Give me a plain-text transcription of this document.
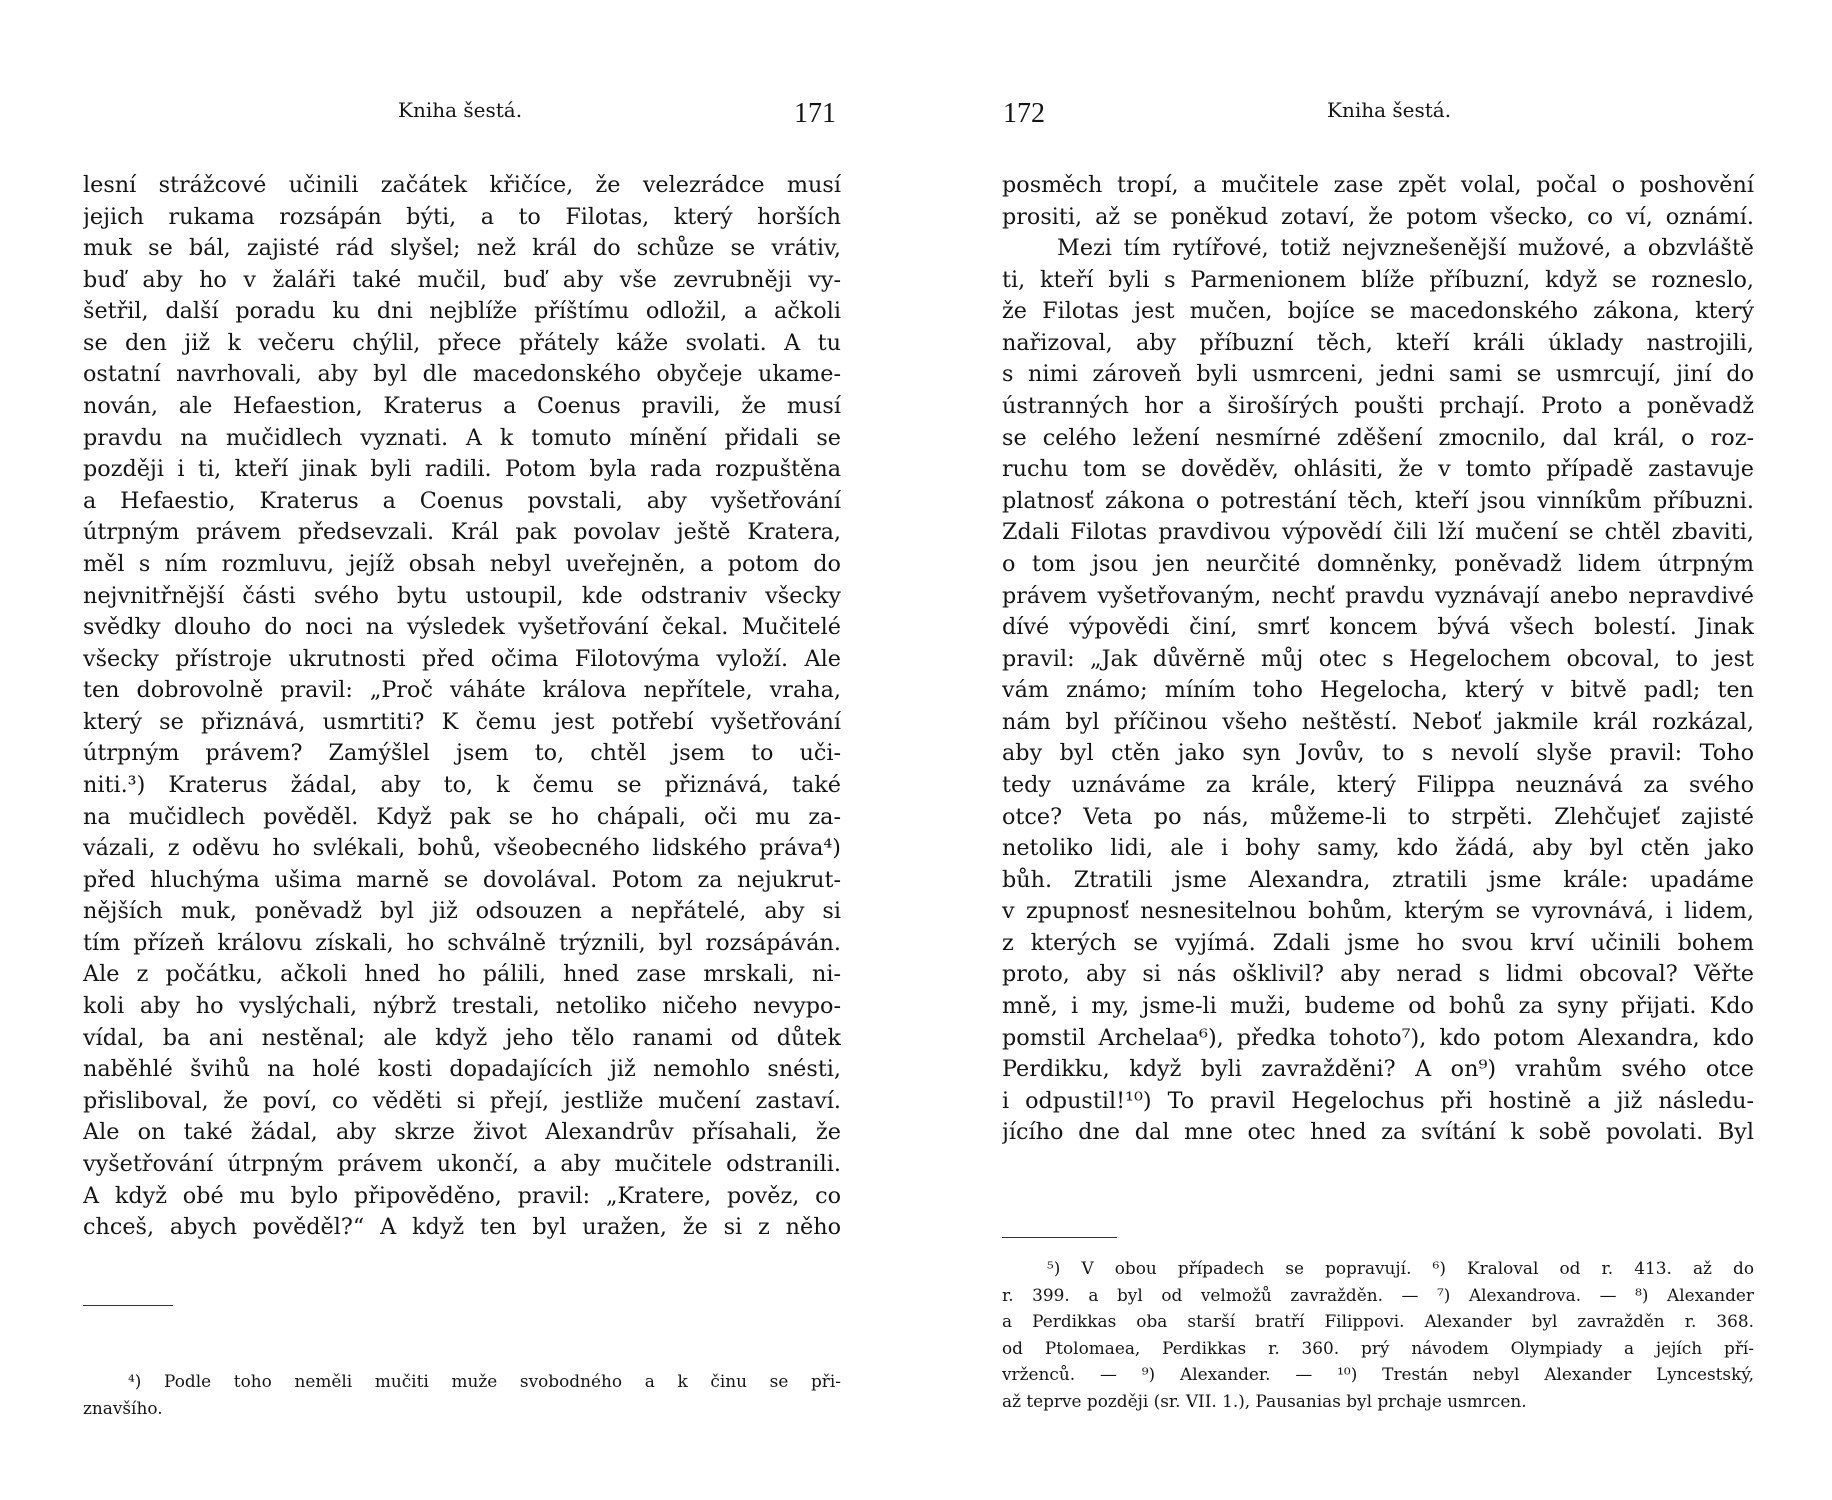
Kniha šestá.	171
lesní strážcové učinili začátek křičíce, že velezrádce musí
jejich rukama rozsápán býti, a to Filotas, který horších
muk se bál, zajisté rád slyšel; než král do schůze se vrátiv,
buď aby ho v žaláři také mučil, buď aby vše zevrubněji vy-
šetřil, další poradu ku dni nejblíže příštímu odložil, a ačkoli
se den již k večeru chýlil, přece přátely káže svolati. A tu
ostatní navrhovali, aby byl dle macedonského obyčeje ukame-
nován, ale Hefaestion, Kraterus a Coenus pravili, že musí
pravdu na mučidlech vyznati. A k tomuto mínění přidali se
později i ti, kteří jinak byli radili. Potom byla rada rozpuštěna
a Hefaestio, Kraterus a Coenus povstali, aby vyšetřování
útrpným právem předsevzali. Král pak povolav ještě Kratera,
měl s ním rozmluvu, jejíž obsah nebyl uveřejněn, a potom do
nejvnitřnější části svého bytu ustoupil, kde odstraniv všecky
svědky dlouho do noci na výsledek vyšetřování čekal. Mučitelé
všecky přístroje ukrutnosti před očima Filotovýma vyloží. Ale
ten dobrovolně pravil: „Proč váháte králova nepřítele, vraha,
který se přiznává, usmrtiti? K čemu jest potřebí vyšetřování
útrpným právem? Zamýšlel jsem to, chtěl jsem to uči-
niti.³) Kraterus žádal, aby to, k čemu se přiznává, také
na mučidlech pověděl. Když pak se ho chápali, oči mu za-
vázali, z oděvu ho svlékali, bohů, všeobecného lidského práva⁴)
před hluchýma ušima marně se dovolával. Potom za nejukrut-
nějších muk, poněvadž byl již odsouzen a nepřátelé, aby si
tím přízeň královu získali, ho schválně trýznili, byl rozsápáván.
Ale z počátku, ačkoli hned ho pálili, hned zase mrskali, ni-
koli aby ho vyslýchali, nýbrž trestali, netoliko ničeho nevypo-
vídal, ba ani nestěnal; ale když jeho tělo ranami od důtek
naběhlé švihů na holé kosti dopadajících již nemohlo snésti,
přisliboval, že poví, co věděti si přejí, jestliže mučení zastaví.
Ale on také žádal, aby skrze život Alexandrův přísahali, že
vyšetřování útrpným právem ukončí, a aby mučitele odstranili.
A když obé mu bylo připověděno, pravil: „Kratere, pověz, co
chceš, abych pověděl?“ A když ten byl uražen, že si z něho
⁴) Podle toho neměli mučiti muže svobodného a k činu se při-
znavšího.
172	Kniha šestá.
posměch tropí, a mučitele zase zpět volal, počal o poshovění
prositi, až se poněkud zotaví, že potom všecko, co ví, oznámí.
Mezi tím rytířové, totiž nejvznešenější mužové, a obzvláště
ti, kteří byli s Parmenionem blíže příbuzní, když se rozneslo,
že Filotas jest mučen, bojíce se macedonského zákona, který
nařizoval, aby příbuzní těch, kteří králi úklady nastrojili,
s nimi zároveň byli usmrceni, jedni sami se usmrcují, jiní do
ústranných hor a širošírých poušti prchají. Proto a poněvadž
se celého ležení nesmírné zděšení zmocnilo, dal král, o roz-
ruchu tom se dověděv, ohlásiti, že v tomto případě zastavuje
platnosť zákona o potrestání těch, kteří jsou vinníkům příbuzni.
Zdali Filotas pravdivou výpovědí čili lží mučení se chtěl zbaviti,
o tom jsou jen neurčité domněnky, poněvadž lidem útrpným
právem vyšetřovaným, nechť pravdu vyznávají anebo nepravdivé
dívé výpovědi činí, smrť koncem bývá všech bolestí. Jinak
pravil: „Jak důvěrně můj otec s Hegelochem obcoval, to jest
vám známo; míním toho Hegelocha, který v bitvě padl; ten
nám byl příčinou všeho neštěstí. Neboť jakmile král rozkázal,
aby byl ctěn jako syn Jovův, to s nevolí slyše pravil: Toho
tedy uznáváme za krále, který Filippa neuznává za svého
otce? Veta po nás, můžeme-li to strpěti. Zlehčujeť zajisté
netoliko lidi, ale i bohy samy, kdo žádá, aby byl ctěn jako
bůh. Ztratili jsme Alexandra, ztratili jsme krále: upadáme
v zpupnosť nesnesitelnou bohům, kterým se vyrovnává, i lidem,
z kterých se vyjímá. Zdali jsme ho svou krví učinili bohem
proto, aby si nás ošklivil? aby nerad s lidmi obcoval? Věřte
mně, i my, jsme-li muži, budeme od bohů za syny přijati. Kdo
pomstil Archelaa⁶), předka tohoto⁷), kdo potom Alexandra, kdo
Perdikku, když byli zavražděni? A on⁹) vrahům svého otce
i odpustil!¹⁰) To pravil Hegelochus při hostině a již následu-
jícího dne dal mne otec hned za svítání k sobě povolati. Byl
⁵) V obou případech se popravují. ⁶) Kraloval od r. 413. až do
r. 399. a byl od velmožů zavražděn. — ⁷) Alexandrova. — ⁸) Alexander
a Perdikkas oba starší bratří Filippovi. Alexander byl zavražděn r. 368.
od Ptolomaea, Perdikkas r. 360. prý návodem Olympiady a jejích pří-
vrženců. — ⁹) Alexander. — ¹⁰) Trestán nebyl Alexander Lyncestský,
až teprve později (sr. VII. 1.), Pausanias byl prchaje usmrcen.
